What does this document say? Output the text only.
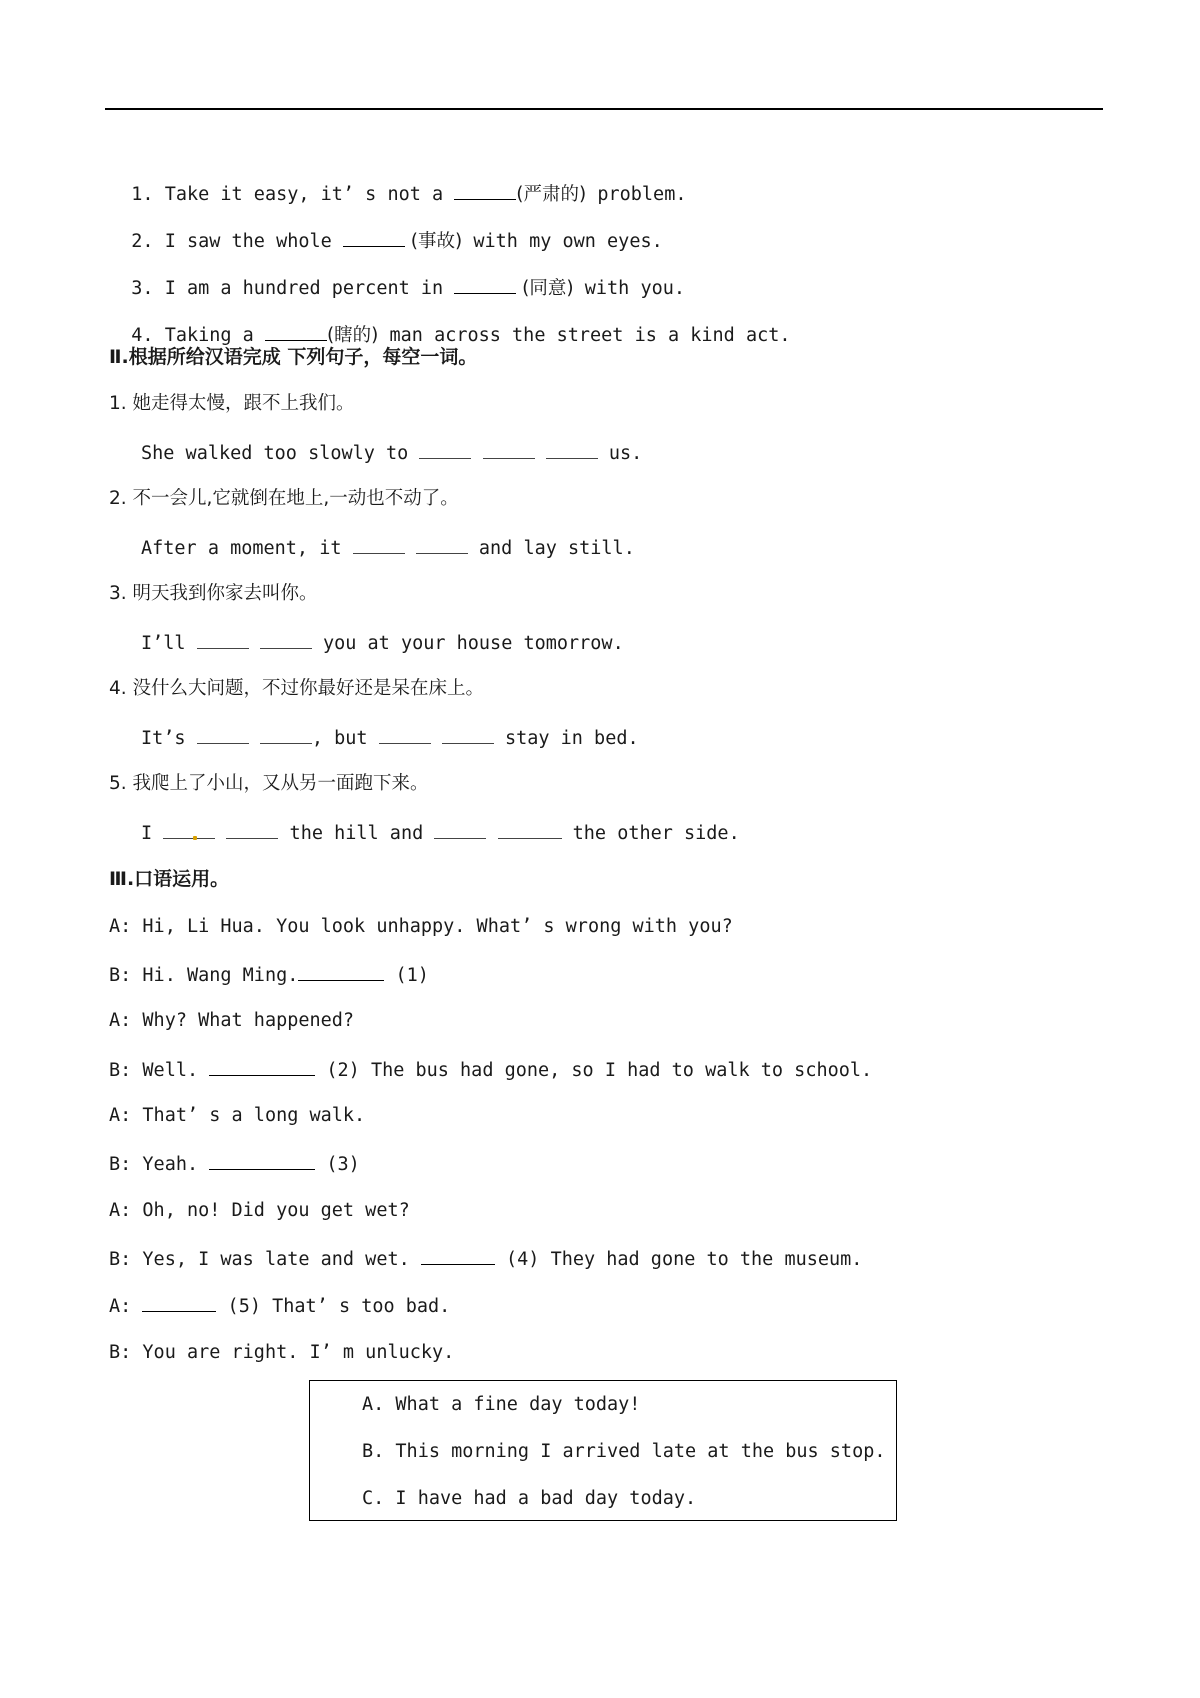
1. Take it easy, it’ s not a	(严肃的) problem.

2. I saw the whole	(事故) with my own eyes.

3. I am a hundred percent in	(同意) with you.

4. Taking a	(瞎的) man across the street is a kind act.

Ⅱ.根据所给汉语完成 下列句子，每空一词。
1. 她走得太慢，跟不上我们。
She walked too slowly to	us.
2. 不一会儿,它就倒在地上,一动也不动了。
After a moment, it	and lay still.
3. 明天我到你家去叫你。
I’ll	you at your house tomorrow.
4. 没什么大问题，不过你最好还是呆在床上。
It’s	, but	stay in bed.
5. 我爬上了小山，又从另一面跑下来。
I	the hill and	the other side.
Ⅲ.口语运用。
A: Hi, Li Hua. You look unhappy. What’ s wrong with you?
B: Hi. Wang Ming.	(1)
A: Why? What happened?
B: Well.	(2) The bus had gone, so I had to walk to school.
A: That’ s a long walk.
B: Yeah.	(3)
A: Oh, no! Did you get wet?
B: Yes, I was late and wet.	(4) They had gone to the museum.
A:	(5) That’ s too bad.
B: You are right. I’ m unlucky.
A. What a fine day today!
B. This morning I arrived late at the bus stop.
C. I have had a bad day today.
